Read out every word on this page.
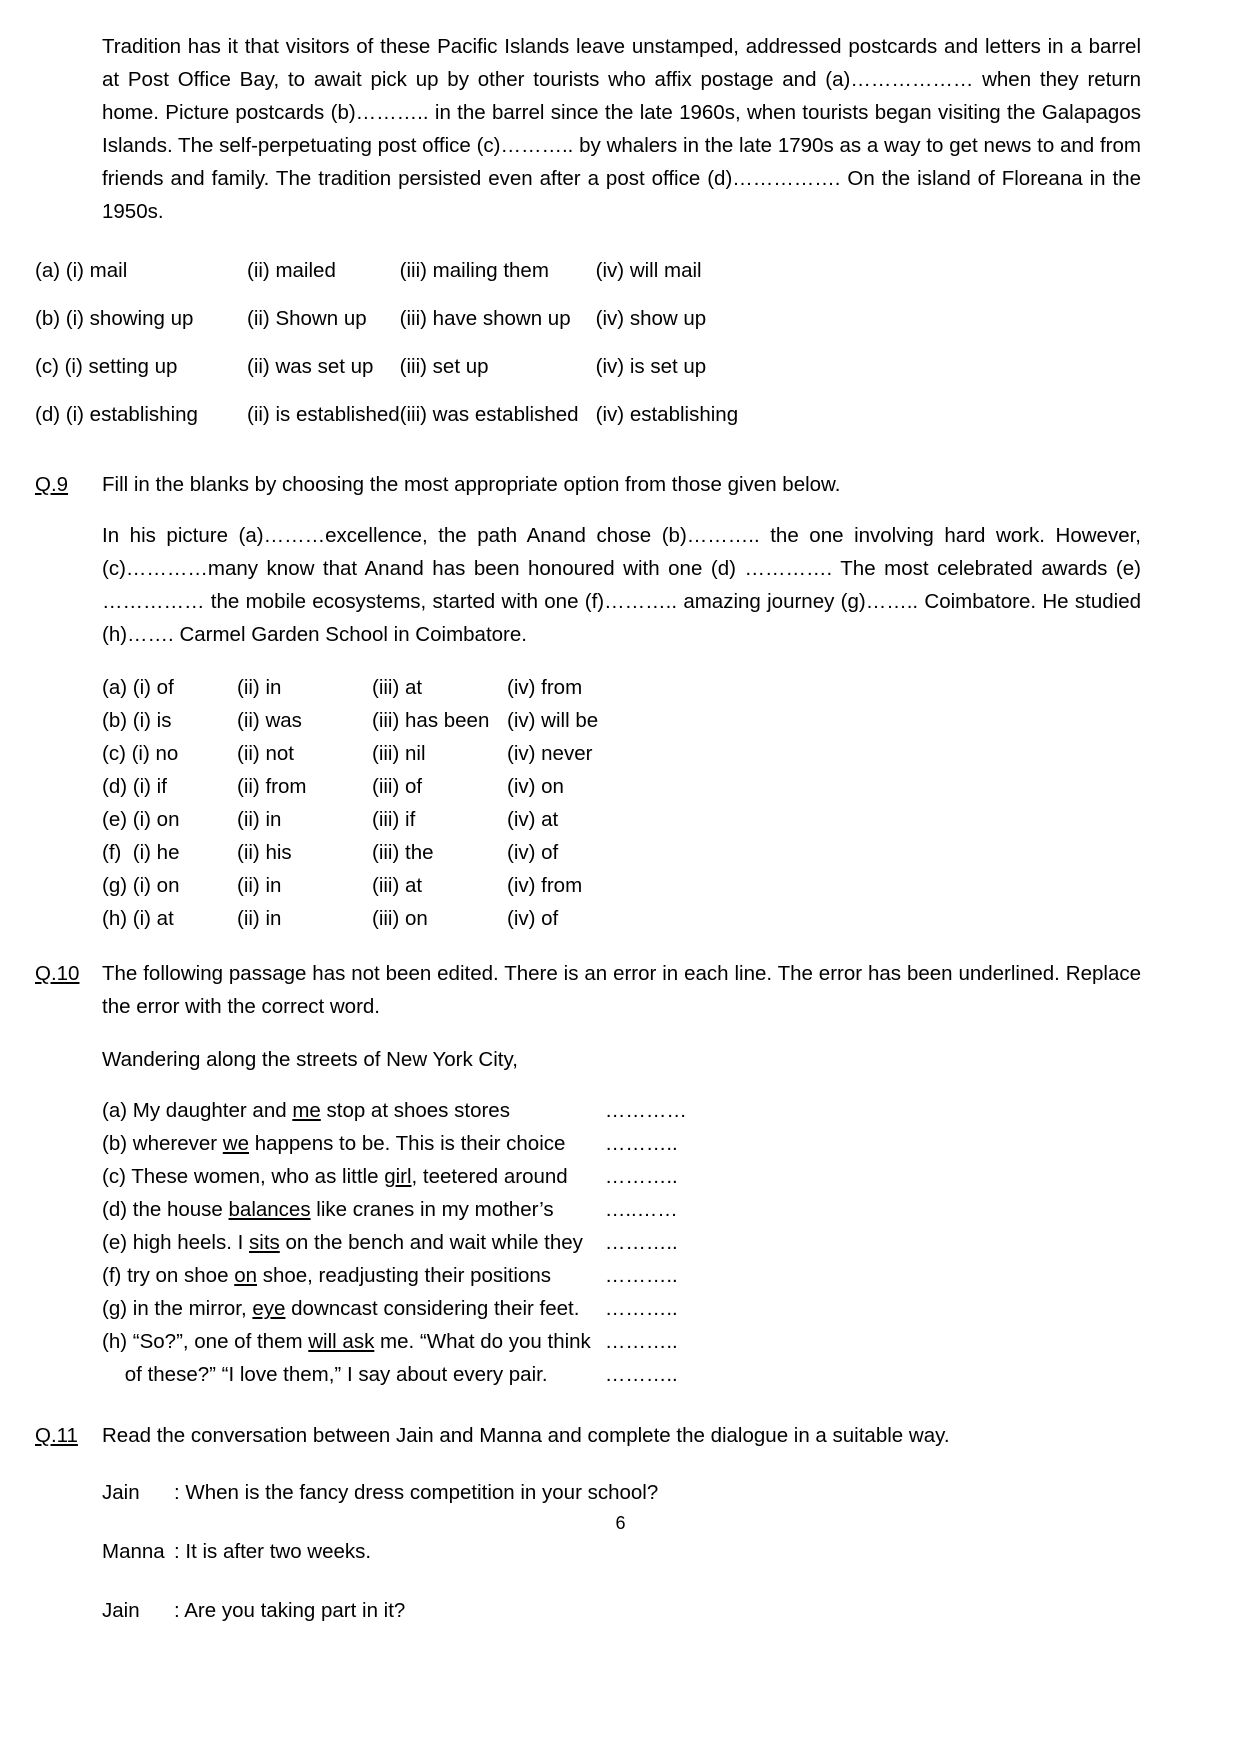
Tradition has it that visitors of these Pacific Islands leave unstamped, addressed postcards and letters in a barrel at Post Office Bay, to await pick up by other tourists who affix postage and (a)……………… when they return home. Picture postcards (b)……….. in the barrel since the late 1960s, when tourists began visiting the Galapagos Islands. The self-perpetuating post office (c)……….. by whalers in the late 1790s as a way to get news to and from friends and family. The tradition persisted even after a post office (d)……………. On the island of Floreana in the 1950s.

(a) (i) mail	(ii) mailed	(iii) mailing them	(iv) will mail
(b) (i) showing up	(ii) Shown up	(iii) have shown up	(iv) show up
(c) (i) setting up	(ii) was set up	(iii) set up	(iv) is set up
(d) (i) establishing	(ii) is established	(iii) was established	(iv) establishing
Q.9	Fill in the blanks by choosing the most appropriate option from those given below.

In his picture (a)………excellence, the path Anand chose (b)……….. the one involving hard work. However, (c)…………many know that Anand has been honoured with one (d) …………. The most celebrated awards (e) …………… the mobile ecosystems, started with one (f)……….. amazing journey (g)…….. Coimbatore. He studied (h)……. Carmel Garden School in Coimbatore.

(a) (i) of	(ii) in	(iii) at	(iv) from
(b) (i) is	(ii) was	(iii) has been	(iv) will be
(c) (i) no	(ii) not	(iii) nil	(iv) never
(d) (i) if	(ii) from	(iii) of	(iv) on
(e) (i) on	(ii) in	(iii) if	(iv) at
(f) (i) he	(ii) his	(iii) the	(iv) of
(g) (i) on	(ii) in	(iii) at	(iv) from
(h) (i) at	(ii) in	(iii) on	(iv) of
Q.10	The following passage has not been edited. There is an error in each line. The error has been underlined. Replace the error with the correct word.

Wandering along the streets of New York City,

(a) My daughter and me stop at shoes stores	…………
(b) wherever we happens to be. This is their choice	………..
(c) These women, who as little girl, teetered around	………..
(d) the house balances like cranes in my mother’s	…..……
(e) high heels. I sits on the bench and wait while they	………..
(f) try on shoe on shoe, readjusting their positions	………..
(g) in the mirror, eye downcast considering their feet.	………..
(h) “So?”, one of them will ask me. “What do you think	………..
of these?” “I love them,” I say about every pair.	………..
Q.11	Read the conversation between Jain and Manna and complete the dialogue in a suitable way.
Jain	: When is the fancy dress competition in your school?
Manna	: It is after two weeks.
Jain	: Are you taking part in it?
6
